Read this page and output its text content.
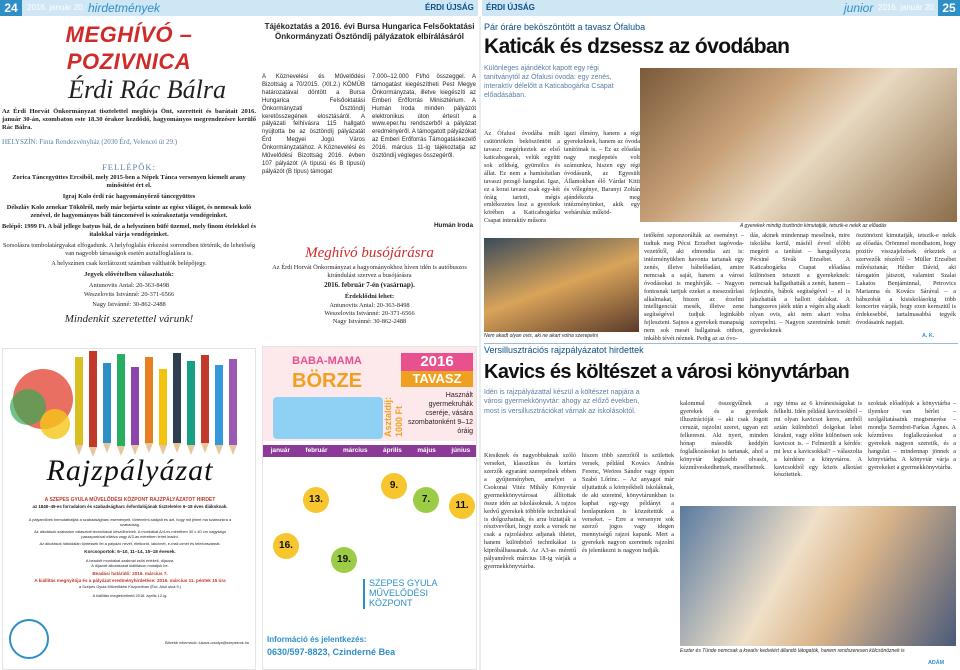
24	2016. január 20. hirdetmények	ÉRDI ÚJSÁG
MEGHÍVÓ – POZIVNICA
Érdi Rác Bálra
Az Érdi Horvát Önkormányzat tisztelettel meghívja Önt, szeretteit és barátait 2016. január 30-án, szombaton este 18.30 órakor kezdődő, hagyományos megrendezésre kerülő Rác Bálra.
HELYSZÍN: Finta Rendezvényház (2030 Érd, Velencei út 29.)
FELLÉPŐK:
Zorica Táncegyüttes Ercsiből, mely 2015-ben a Népek Tánca versenyen kiemelt arany minősítést ért el.
Igraj Kolo érdi rác hagyományőrző táncegyüttes
Délszláv Kolo zenekar Tökölről, mely már bejárta szinte az egész világot, és nemesak koló zenével, de hagyományos báli tánczenével is szórakoztatja vendégeinket.
Belépő: 1999 Ft. A bál jellege batyus bál, de a helyszínen büfé üzemel, mely finom ételekkel és italokkal várja vendégeinket.
Sorsolásra tombolatárgyakat elfogadunk. A helyfoglalás érkezési sorrendben történik, de lehetőség van nagyobb társaságok esetén asztalfoglalásra is.
A helyszínen csak korlátozott számban válthatók belépőjegy.
Jegyek elővételben válaszhatók:
Antunovits Antal: 20-363-8498
Weszelovits Istvánné: 20-371-6566
Nagy Istvánné: 30-862-2488
Mindenkit szeretettel várunk!
Rajzpályázat
A SZEPES GYULA MŰVELŐDÉSI KÖZPONT RAJZPÁLYÁZATOT HIRDET
az 1848–49-es forradalom és szabadságharc évfordulójának tiszteletére 6–18 éves diákoknak.
A pályaművek bemutathatják a szabadságharc eseményeit, történelmi alakjait és azt, hogy mit jelent ma számunkra a szabadság.
Az alkotások szabadon választott technikával készülhetnek. A munkákat A/4-es méretben 30 x 40 cm nagyságú passzpartúval ellátva vagy A/3-as méretben lehet leadni.
Az alkotások hátoldalán tüntessék fel a pályázó nevét, életkorát, lakcímét, e-mail címét és telefonszámát.
Korcsoportok: 6–10, 11–14, 15–18 évesek.
A beadott munkákat szakmai zsűri értékeli, díjazza.
A díjazott alkotásokat kiállításon mutatjuk be.
Beadási határidő: 2016. március 7.
A kiállítás megnyitója és a pályázat eredményhirdetése: 2016. március 11. péntek 15 óra
a Szepes Gyula Művelődési Központban (Érd, Alsó utca 9.)
A kiállítás megtekinthető 2016. április 12-ig.
Bővebb információ: lukacs.orsolya@szepesmk.hu
Tájékoztatás a 2016. évi Bursa Hungarica Felsőoktatási Önkormányzati Ösztöndíj pályázatok elbírálásáról
A Köznevelési és Művelődési Bizottság a 70/2015. (XII.2.) KÖMÜB határozatával döntött a Bursa Hungarica Felsőoktatási Önkormányzati Ösztöndíj keretösszegének elosztásáról. A pályázati felhívásra 115 hallgató nyújtotta be az ösztöndíj pályázatát Érd Megyei Jogú Város Önkormányzatához. A Köznevelési és Művelődési Bizottság 2016. évben 107 pályázót (A típusú és B típusú) pályázót (B típus) támogat
7.000–12.000 Ft/hó összeggel. A támogatást kiegészítheti Pest Megye Önkormányzata, illetve kiegészíti az Emberi Erőforrás Minisztérium. A Humán Iroda minden pályázót elektronikus úton értesít a www.eper.hu rendszerből a pályázat eredményéről. A támogatott pályázókat az Emberi Erőforrás Támogatáskezelő 2016. március 11-ig tájékoztatja az ösztöndíj végleges összegéről.
Humán Iroda
Meghívó busójárásra
Az Érdi Horvát Önkormányzat a hagyományokhoz híven idén is autóbuszos kirándulást szervez a busójárásra
2016. február 7-én (vasárnap).
Érdeklődni lehet:
Antunovits Antal: 20-363-8498
Weszelovits Istvánné: 20-371-6566
Nagy Istvánné: 30-862-2488
BABA-MAMA
BÖRZE
Asztaldíj: 1000 Ft
2016
TAVASZ
Használt gyermekruhák cseréje, vására szombatonként 9–12 óráig
január február március április május június
16.
13.
19.
9.
7.
11.
SZEPES GYULA MŰVELŐDÉSI KÖZPONT
Információ és jelentkezés:
0630/597-8823, Czinderné Bea
ÉRDI ÚJSÁG	junior 2016. január 20. 25
Pár óráre beköszöntött a tavasz Ófaluba
Katicák és dzsessz az óvodában
Különleges ajándékot kapott egy régi tanítványtól az Ófalusi óvoda: egy zenés, interaktív délelőtt a Katicabogárka Csapat előadásában.
A gyerekek mindig ösztönön kimutatják, tetszik-e nekik az előadás
Az Ófalusi óvodába múlt csütörtökön beköszöntött a tavasz: megérkeztek az első katicabogarak, velük együtt sok zöldség, gyümölcs és állat. Ez nem a hamisítatlan tavaszi pezsgő hangulat. Igaz, ez a korai tavasz csak egy-két óráig tartott, mégis emlékezetes lesz a gyerekek körében a Katicabogárka Csapat interaktív műsora
igazi élmény, hanem a régi gyerekeknek, hanem az óvoda tanítóinak is. – Ez az előadás nagy meglepetés volt számunkra, hiszen egy régi óvodásunk, az Egyesült Államokban élő Várdai Kitti és vőlegénye, Baranyi Zoltán ajándékozta meg intézményünket, akik egy webáruház működ-
Nem akadt olyan ovis, aki ne akart volna szerepelni
tetőként szponzorálták az eseményt – tudtuk meg Pécsi Erzsébet tagóvoda-vezetőtől, aki elmondta azt is: intézményükben havonta tartanak egy zenés, illetve bábelőadást, amire nemcsak a saját, hanem a városi óvodásokat is meghívják. – Nagyon fontosnak tartjuk ezeket a mesezsűrlasi alkalmakat, hiszen az érzelmi intelligenciát mesék, illetve zene segítségével tudjuk leginkább fejleszteni. Sajnos a gyerekek manapság nem sok mesét hallgatnak otthon, inkább tévét néznek. Pedig az az óvo-
dás, akinek mindennap mesélnek, mire iskolába kerül, másfél évvel előbb megérti a tanítást – hangsúlyozta Pécsiné Sivák Erzsébet. A Katicabogárka Csapat előadása különösen tetszett a gyerekeknek: nemcsak hallgathatták a zenét, hanem – fejlesztés, bábok segítségével – el is játszhatták a hallott dalokat. A hangszeres játék után a végén alig akadt olyan ovis, aki nem akart volna szerepelni. – Nagyon szeretnénk ismét gyerekeknek
ösztönözni kimutatják, tetszik-e nekik az előadás. Örömmel mondhatom, hogy pozitív visszajelzések érkeztek a szervezők részéről – Müller Erzsébet művésztanár, Hédier Dávid, aki tárogatón játszott, valamint Szalai Lakatos Benjáminnal, Petrovics Marianna és Kovács Sárával – a bábszobát a kisiskolásokig több koncertre várják, hogy ezen keresztül is érdekesebbé, tartalmasabbá tegyék óvodásaink napjait.
A. K.
Versillusztrációs rajzpályázatot hirdettek
Kavics és költészet a városi könyvtárban
Idén is rajzpályázattal készül a költészet napjára a városi gyermekkönyvtár: ahogy az előző években, most is versillusztrációkat várnak az iskolásoktól.
Kiesiknek és nagyobbaknak szóló verseket, klasszikus és kortárs szerzők egyaránt szerepelnek ebben a gyűjteményben, amelyet a Csokonai Vitéz Mihály Könyvtár gyermekkönyvtárosai állítottak össze idén az iskolásoknak. A rajzos kedvű gyerekek többféle technikával is dolgozhatnak, és arra biztatják a résztvevőket, hogy ezek a versek ne csak a rajzoláshoz adjanak ihletet, hanem különböző technikákat is kipróbálhassanak. Az A3-as méretű pályaművek március 18-ig várják a gyermekkönyvtárba.
hiszen több szerzőtől is születtek versek, például Kovács András Ferenc, Weöres Sándor vagy éppen Szabó Lőrinc. – Az anyagot már eljuttattuk a környékbeli iskoláknak, de aki szeretné, könyvtárunkban is kaphat egy-egy példányt a honlapunkon is közzétettük a verseket. – Erre a versenyre sok szerző jogos vagy idegen mennyiségű rajzot kapunk. Mert a gyerekek nagyon szeretnek rajzolni és jelentkezni is nagyon tudják.
kalommal összegyűlnek a gyerekek és a gyerekek illusztrációját – aki csak fogott ceruzát, rajzolni szeret, ugyan ezt felkeresni. Aki nyert, minden hónap második keddjén foglalkozásokat is tartanak, ahol a könyvtár legkisebb olvasói, kézműveskedhetnek, mesélhetnek.
egy téma az 6 kivánesiságukat is felkelti. Idén például kavicsokból – mi olyan kavicsot keres, amiből aztán különböző dolgokat lehet kirakni, vagy előtte különösen sok kavicsot is. – Felmerült a kérdés: mi lesz a kavicsokkal? – válaszolta a kérdésre a könyvtáros. A kavicsokból egy közös alkotást készítettek.
szoktak előadójuk a könyvtárba – ilyenkor van bérlet – szolgáltatásaink megismerése – mondja Szendrei-Farkas Ágnes. A kézműves foglalkozásokat a gyerekek nagyon szeretik, és a hangulat – mindennap jönnek a könyvtárba. A könyvtár várja a gyerekeket a gyermekkönyvtárba.
Eszter és Tünde nemcsak a kreatív kedvéért állandó látogatók, hanem rendszeresen kölcsönöznek is
ADÁM
